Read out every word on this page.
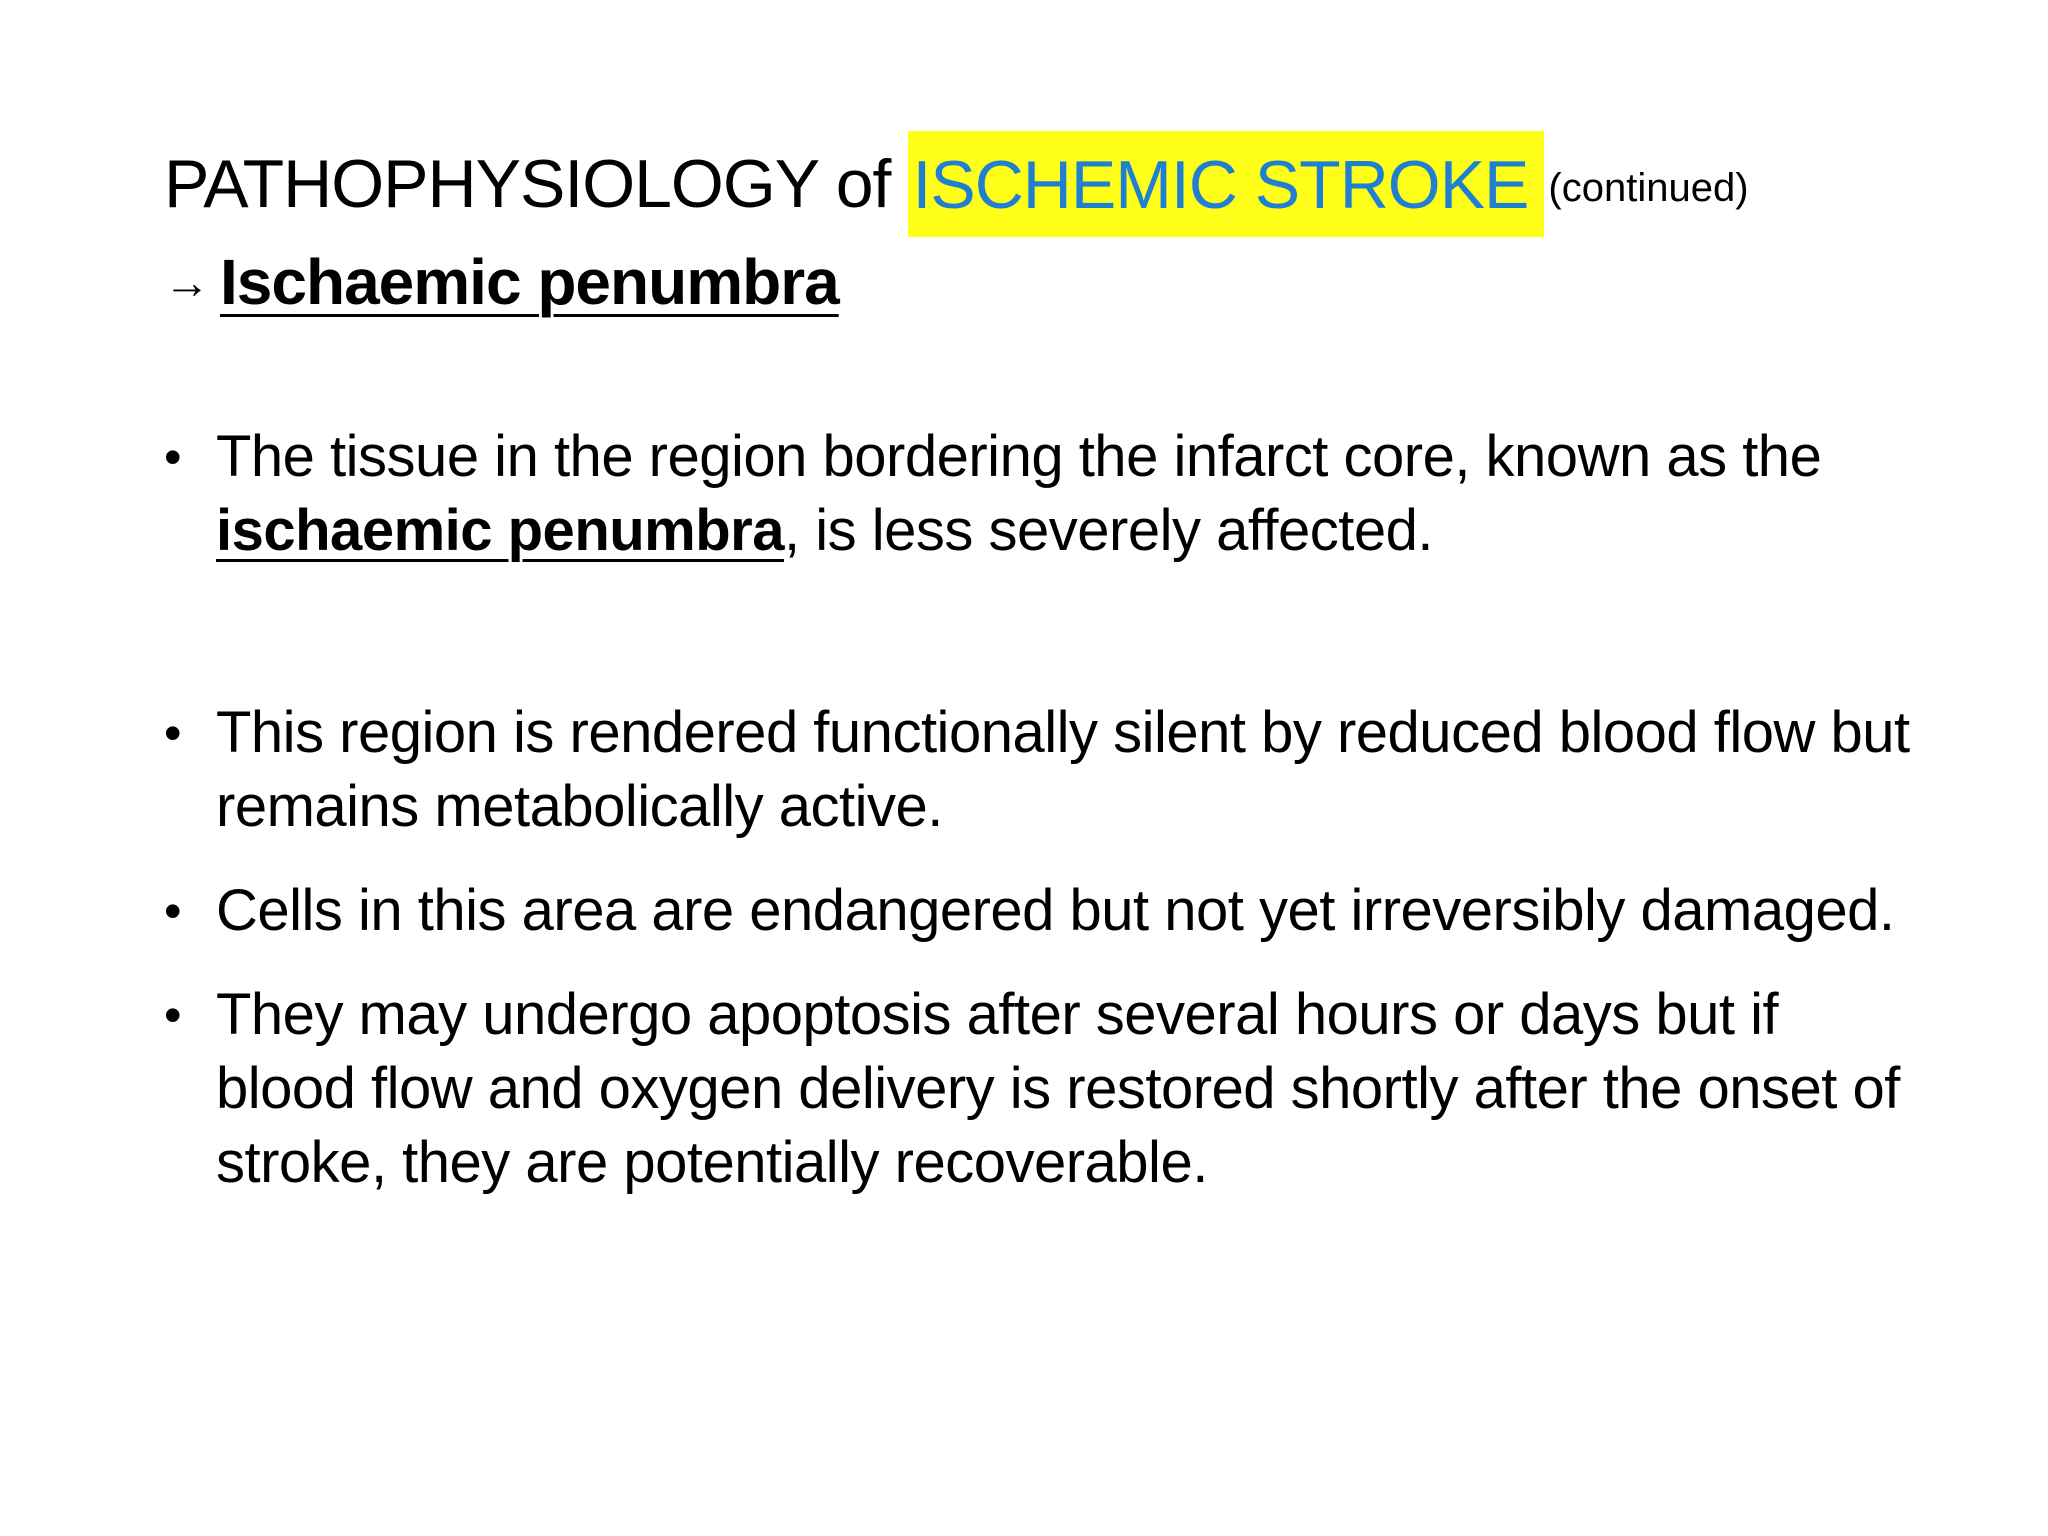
PATHOPHYSIOLOGY of ISCHEMIC STROKE (continued)
→ Ischaemic penumbra
• The tissue in the region bordering the infarct core, known as the ischaemic penumbra, is less severely affected.
• This region is rendered functionally silent by reduced blood flow but remains metabolically active.
• Cells in this area are endangered but not yet irreversibly damaged.
• They may undergo apoptosis after several hours or days but if blood flow and oxygen delivery is restored shortly after the onset of stroke, they are potentially recoverable.
